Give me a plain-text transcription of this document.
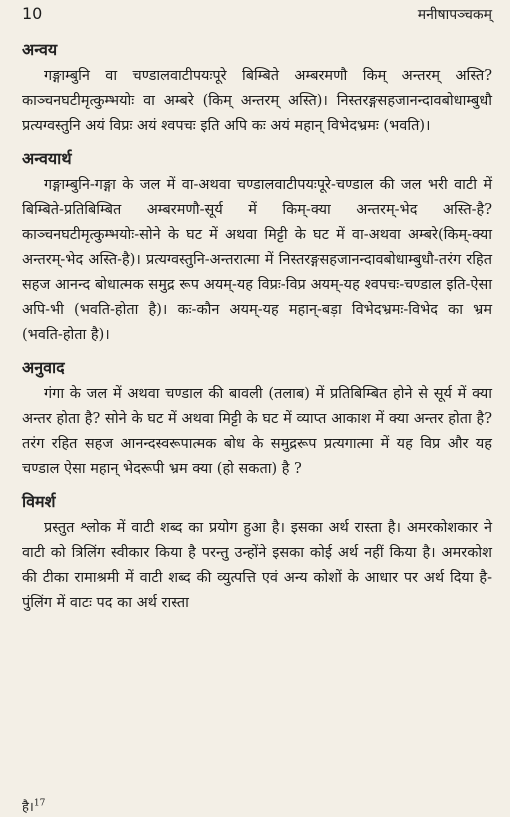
10	मनीषापञ्चकम्
अन्वय

गङ्गाम्बुनि वा चण्डालवाटीपयःपूरे बिम्बिते अम्बरमणौ किम् अन्तरम् अस्ति? काञ्चनघटीमृत्कुम्भयोः वा अम्बरे (किम् अन्तरम् अस्ति)। निस्तरङ्गसहजानन्दावबोधाम्बुधौ प्रत्यग्वस्तुनि अयं विप्रः अयं श्वपचः इति अपि कः अयं महान् विभेदभ्रमः (भवति)।

अन्वयार्थ

गङ्गाम्बुनि-गङ्गा के जल में वा-अथवा चण्डालवाटीपयःपूरे-चण्डाल की जल भरी वाटी में बिम्बिते-प्रतिबिम्बित अम्बरमणौ-सूर्य में किम्-क्या अन्तरम्-भेद अस्ति-है? काञ्चनघटीमृत्कुम्भयोः-सोने के घट में अथवा मिट्टी के घट में वा-अथवा अम्बरे(किम्-क्या अन्तरम्-भेद अस्ति-है)। प्रत्यग्वस्तुनि-अन्तरात्मा में निस्तरङ्गसहजानन्दावबोधाम्बुधौ-तरंग रहित सहज आनन्द बोधात्मक समुद्र रूप अयम्-यह विप्रः-विप्र अयम्-यह श्वपचः-चण्डाल इति-ऐसा अपि-भी (भवति-होता है)। कः-कौन अयम्-यह महान्-बड़ा विभेदभ्रमः-विभेद का भ्रम (भवति-होता है)।

अनुवाद

गंगा के जल में अथवा चण्डाल की बावली (तलाब) में प्रतिबिम्बित होने से सूर्य में क्या अन्तर होता है? सोने के घट में अथवा मिट्टी के घट में व्याप्त आकाश में क्या अन्तर होता है? तरंग रहित सहज आनन्दस्वरूपात्मक बोध के समुद्ररूप प्रत्यगात्मा में यह विप्र और यह चण्डाल ऐसा महान् भेदरूपी भ्रम क्या (हो सकता) है ?

विमर्श

प्रस्तुत श्लोक में वाटी शब्द का प्रयोग हुआ है। इसका अर्थ रास्ता है। अमरकोशकार ने वाटी को त्रिलिंग स्वीकार किया है परन्तु उन्होंने इसका कोई अर्थ नहीं किया है। अमरकोश की टीका रामाश्रमी में वाटी शब्द की व्युत्पत्ति एवं अन्य कोशों के आधार पर अर्थ दिया है-पुंलिंग में वाटः पद का अर्थ रास्ता

है।$^{17}$
